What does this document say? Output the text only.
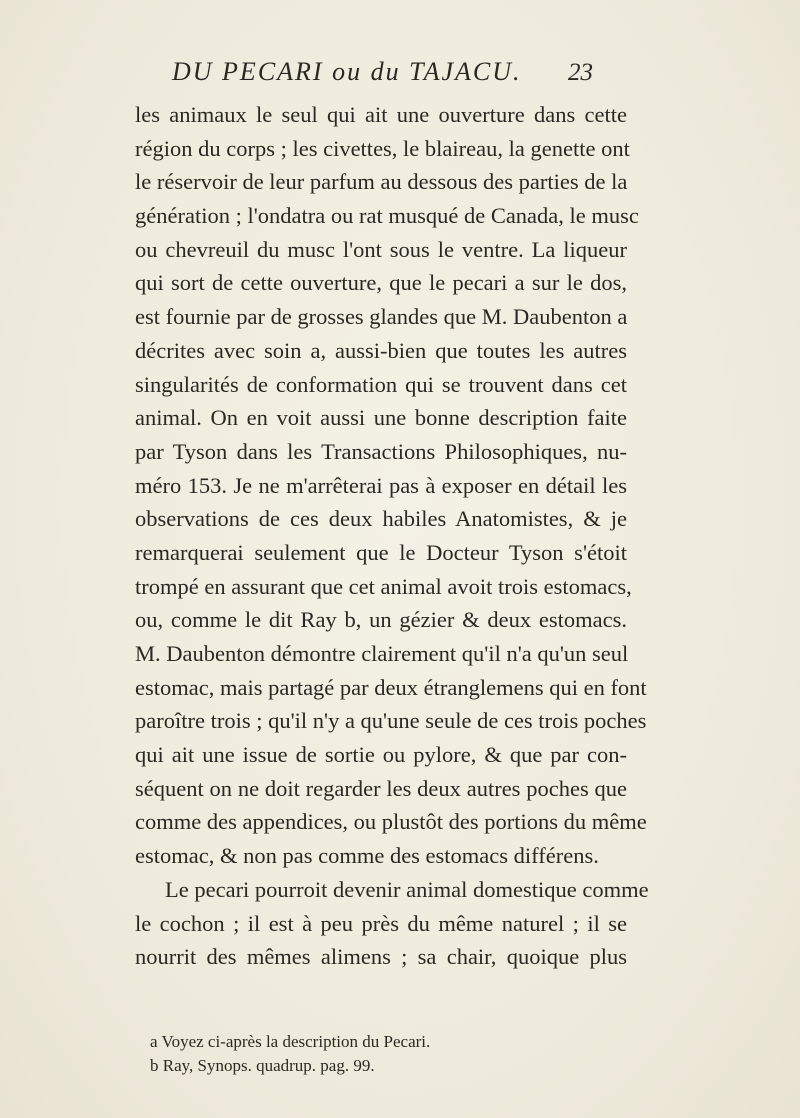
DU PECARI ou du TAJACU. 23
les animaux le seul qui ait une ouverture dans cette
région du corps ; les civettes, le blaireau, la genette ont
le réservoir de leur parfum au dessous des parties de la
génération ; l'ondatra ou rat musqué de Canada, le musc
ou chevreuil du musc l'ont sous le ventre. La liqueur
qui sort de cette ouverture, que le pecari a sur le dos,
est fournie par de grosses glandes que M. Daubenton a
décrites avec soin a, aussi-bien que toutes les autres
singularités de conformation qui se trouvent dans cet
animal. On en voit aussi une bonne description faite
par Tyson dans les Transactions Philosophiques, nu-
méro 153. Je ne m'arrêterai pas à exposer en détail les
observations de ces deux habiles Anatomistes, & je
remarquerai seulement que le Docteur Tyson s'étoit
trompé en assurant que cet animal avoit trois estomacs,
ou, comme le dit Ray b, un gézier & deux estomacs.
M. Daubenton démontre clairement qu'il n'a qu'un seul
estomac, mais partagé par deux étranglemens qui en font
paroître trois ; qu'il n'y a qu'une seule de ces trois poches
qui ait une issue de sortie ou pylore, & que par con-
séquent on ne doit regarder les deux autres poches que
comme des appendices, ou plustôt des portions du même
estomac, & non pas comme des estomacs différens.
Le pecari pourroit devenir animal domestique comme
le cochon ; il est à peu près du même naturel ; il se
nourrit des mêmes alimens ; sa chair, quoique plus
a Voyez ci-après la description du Pecari.
b Ray, Synops. quadrup. pag. 99.
